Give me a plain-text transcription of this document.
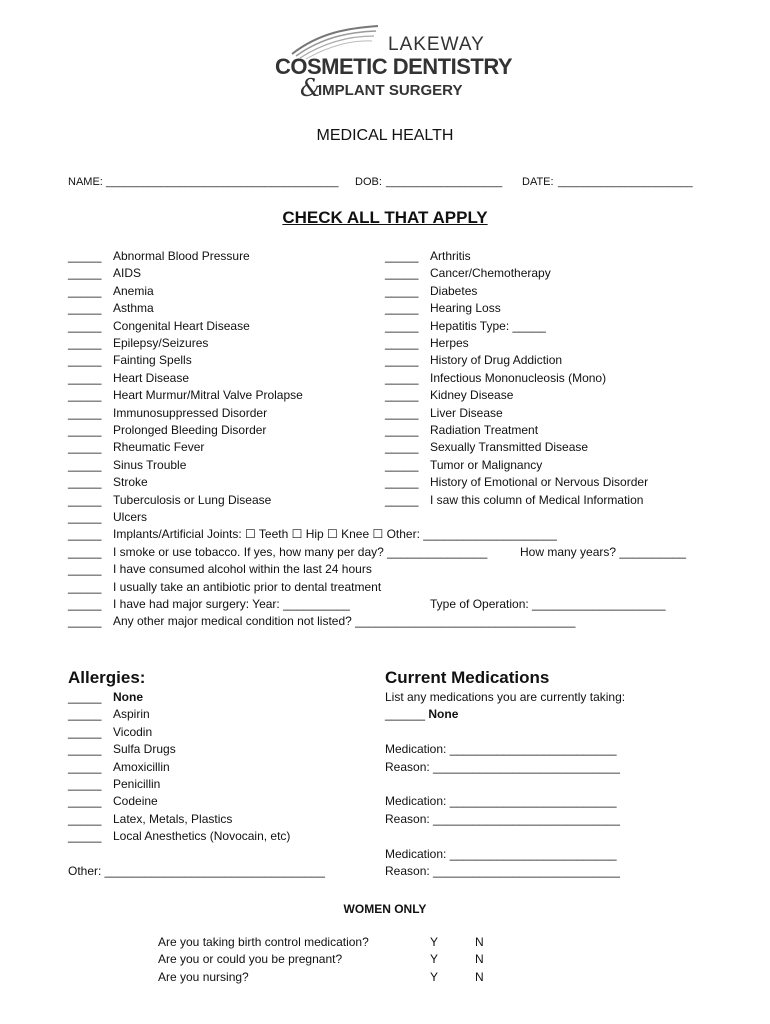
LAKEWAY
COSMETIC DENTISTRY
&
IMPLANT SURGERY
MEDICAL HEALTH
NAME: ______________________________________ DOB: ___________________ DATE: ______________________
CHECK ALL THAT APPLY
_____ Abnormal Blood Pressure
_____ AIDS
_____ Anemia
_____ Asthma
_____ Congenital Heart Disease
_____ Epilepsy/Seizures
_____ Fainting Spells
_____ Heart Disease
_____ Heart Murmur/Mitral Valve Prolapse
_____ Immunosuppressed Disorder
_____ Prolonged Bleeding Disorder
_____ Rheumatic Fever
_____ Sinus Trouble
_____ Stroke
_____ Tuberculosis or Lung Disease
_____ Ulcers
_____ Arthritis
_____ Cancer/Chemotherapy
_____ Diabetes
_____ Hearing Loss
_____ Hepatitis Type: _____
_____ Herpes
_____ History of Drug Addiction
_____ Infectious Mononucleosis (Mono)
_____ Kidney Disease
_____ Liver Disease
_____ Radiation Treatment
_____ Sexually Transmitted Disease
_____ Tumor or Malignancy
_____ History of Emotional or Nervous Disorder
_____ I saw this column of Medical Information
_____ Implants/Artificial Joints: ☐ Teeth ☐ Hip ☐ Knee ☐ Other: ____________________
_____ I smoke or use tobacco. If yes, how many per day? _______________	How many years? __________
_____ I have consumed alcohol within the last 24 hours
_____ I usually take an antibiotic prior to dental treatment
_____ I have had major surgery: Year: __________	Type of Operation: ____________________
_____ Any other major medical condition not listed? _________________________________
Allergies:
_____ None
_____ Aspirin
_____ Vicodin
_____ Sulfa Drugs
_____ Amoxicillin
_____ Penicillin
_____ Codeine
_____ Latex, Metals, Plastics
_____ Local Anesthetics (Novocain, etc)
Other: _________________________________
Current Medications
List any medications you are currently taking:
______ None
Medication: _________________________
Reason: ____________________________
Medication: _________________________
Reason: ____________________________
Medication: _________________________
Reason: ____________________________
WOMEN ONLY
Are you taking birth control medication?	Y	N
Are you or could you be pregnant?	Y	N
Are you nursing?	Y	N
